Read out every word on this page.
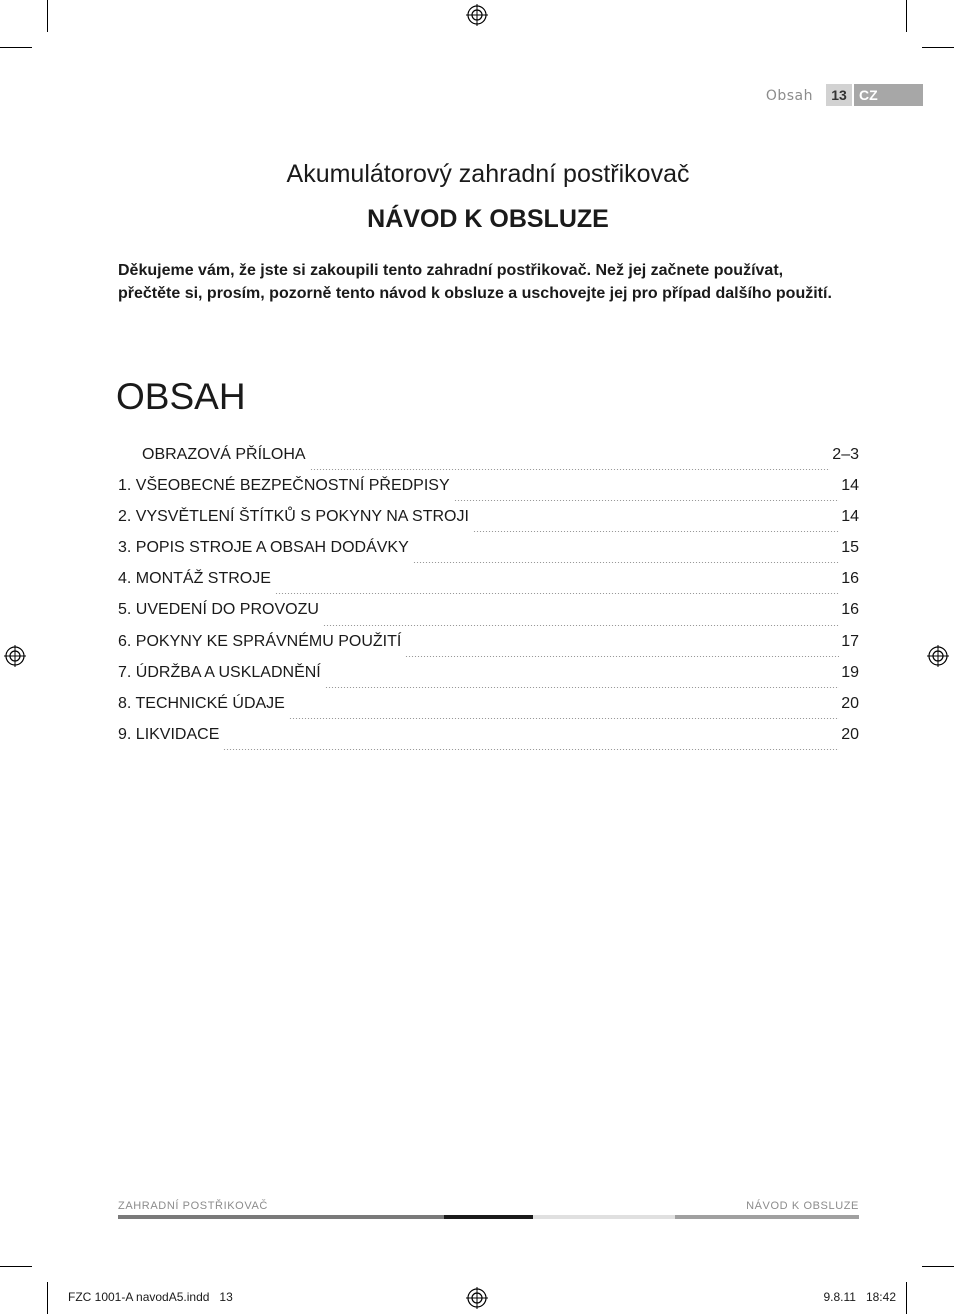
Obsah	13 CZ
Akumulátorový zahradní postřikovač
NÁVOD K OBSLUZE

Děkujeme vám, že jste si zakoupili tento zahradní postřikovač. Než jej začnete používat, přečtěte si, prosím, pozorně tento návod k obsluze a uschovejte jej pro případ dalšího použití.

OBSAH
OBRAZOVÁ PŘÍLOHA	2–3
1. VŠEOBECNÉ BEZPEČNOSTNÍ PŘEDPISY	14
2. VYSVĚTLENÍ ŠTÍTKŮ S POKYNY NA STROJI	14
3. POPIS STROJE A OBSAH DODÁVKY	15
4. MONTÁŽ STROJE	16
5. UVEDENÍ DO PROVOZU	16
6. POKYNY KE SPRÁVNÉMU POUŽITÍ	17
7. ÚDRŽBA A USKLADNĚNÍ	19
8. TECHNICKÉ ÚDAJE	20
9. LIKVIDACE	20
ZAHRADNÍ POSTŘIKOVAČ	NÁVOD K OBSLUZE
FZC 1001-A navodA5.indd   13	9.8.11   18:42
